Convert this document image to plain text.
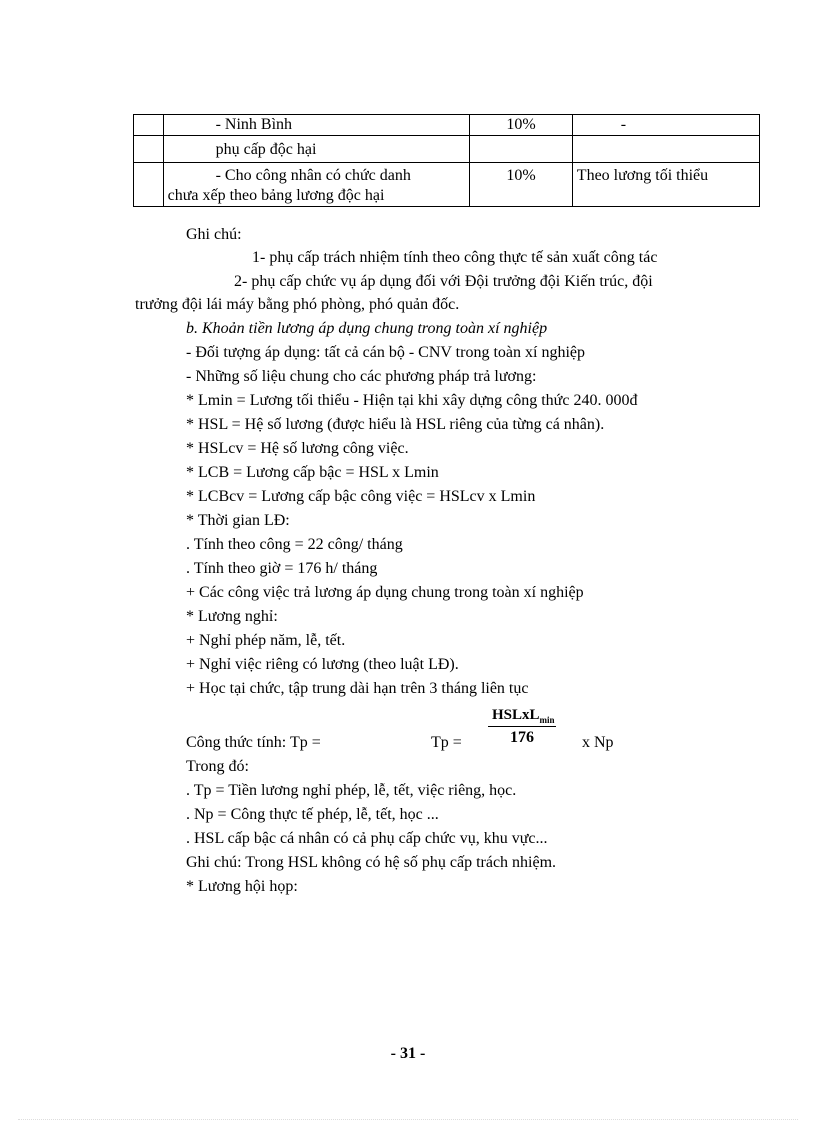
	- Ninh Bình	10%	-
	phụ cấp độc hại		

	- Cho công nhân có chức danh
chưa xếp theo bảng lương độc hại	10%	Theo lương tối thiểu
Ghi chú:
1- phụ cấp trách nhiệm tính theo công thực tế sản xuất công tác
2- phụ cấp chức vụ áp dụng đối với Đội trưởng đội Kiến trúc, đội
trưởng đội lái máy bằng phó phòng, phó quản đốc.
b. Khoản tiền lương áp dụng chung trong toàn xí nghiệp
- Đối tượng áp dụng: tất cả cán bộ - CNV trong toàn xí nghiệp
- Những số liệu chung cho các phương pháp trả lương:
* Lmin = Lương tối thiểu - Hiện tại khi xây dựng công thức 240. 000đ
* HSL = Hệ số lương (được hiểu là HSL riêng của từng cá nhân).
* HSLcv = Hệ số lương công việc.
* LCB = Lương cấp bậc = HSL x Lmin
* LCBcv = Lương cấp bậc công việc = HSLcv x Lmin
* Thời gian LĐ:
. Tính theo công = 22 công/ tháng
. Tính theo giờ = 176 h/ tháng
+ Các công việc trả lương áp dụng chung trong toàn xí nghiệp
* Lương nghỉ:
+ Nghỉ phép năm, lễ, tết.
+ Nghỉ việc riêng có lương (theo luật LĐ).
+ Học tại chức, tập trung dài hạn trên 3 tháng liên tục
Công thức tính: Tp =	Tp =
HSLxL$_{min}$
176	x Np
Trong đó:
. Tp = Tiền lương nghỉ phép, lễ, tết, việc riêng, học.
. Np = Công thực tế phép, lễ, tết, học ...
. HSL cấp bậc cá nhân có cả phụ cấp chức vụ, khu vực...
Ghi chú: Trong HSL không có hệ số phụ cấp trách nhiệm.
* Lương hội họp:
- 31 -
